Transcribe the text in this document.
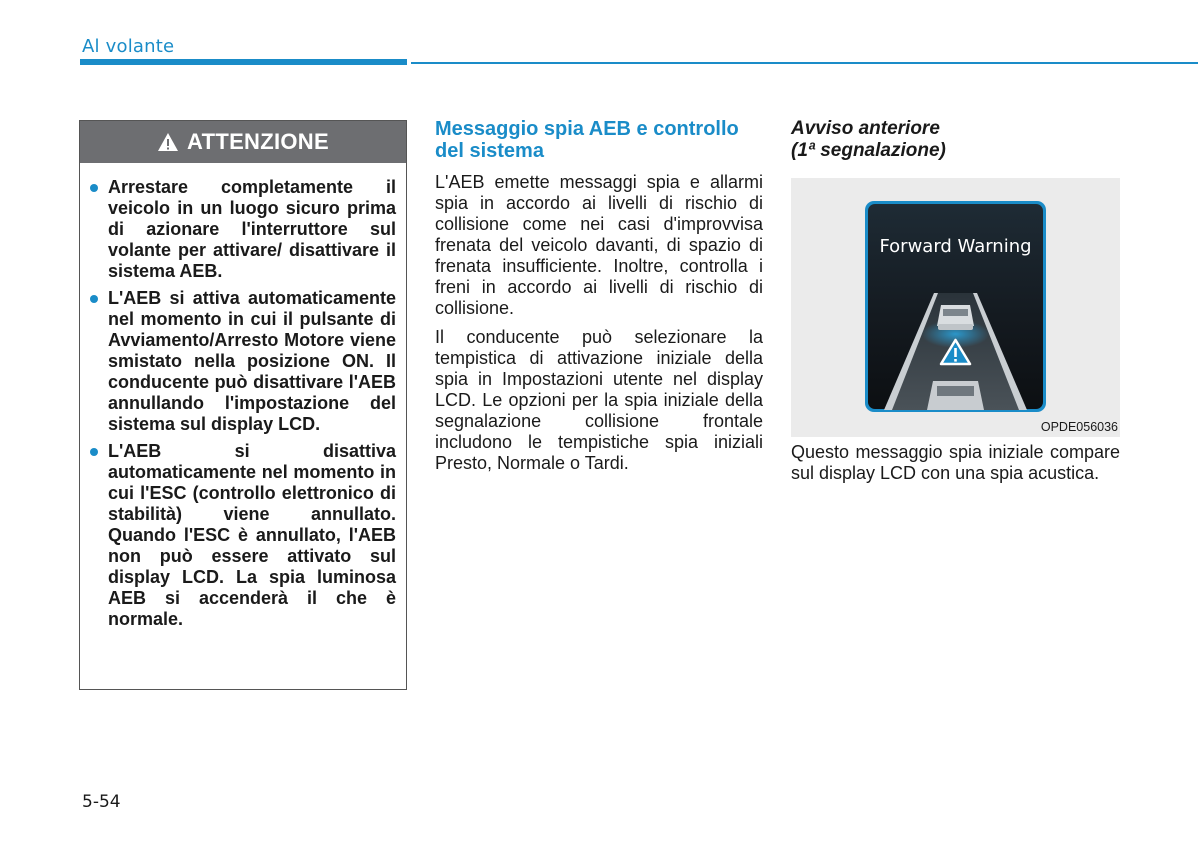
Al volante
ATTENZIONE
Arrestare completamente il veicolo in un luogo sicuro prima di azionare l'interruttore sul volante per attivare/ disattivare il sistema AEB.
L'AEB si attiva automaticamente nel momento in cui il pulsante di Avviamento/Arresto Motore viene smistato nella posizione ON. Il conducente può disattivare l'AEB annullando l'impostazione del sistema sul display LCD.
L'AEB si disattiva automaticamente nel momento in cui l'ESC (controllo elettronico di stabilità) viene annullato. Quando l'ESC è annullato, l'AEB non può essere attivato sul display LCD. La spia luminosa AEB si accenderà il che è normale.
Messaggio spia AEB e controllo del sistema

L'AEB emette messaggi spia e allarmi spia in accordo ai livelli di rischio di collisione come nei casi d'improvvisa frenata del veicolo davanti, di spazio di frenata insufficiente. Inoltre, controlla i freni in accordo ai livelli di rischio di collisione.

Il conducente può selezionare la tempistica di attivazione iniziale della spia in Impostazioni utente nel display LCD. Le opzioni per la spia iniziale della segnalazione collisione frontale includono le tempistiche spia iniziali Presto, Normale o Tardi.

Avviso anteriore
(1ª segnalazione)
Forward Warning
OPDE056036

Questo messaggio spia iniziale compare sul display LCD con una spia acustica.

5-54
